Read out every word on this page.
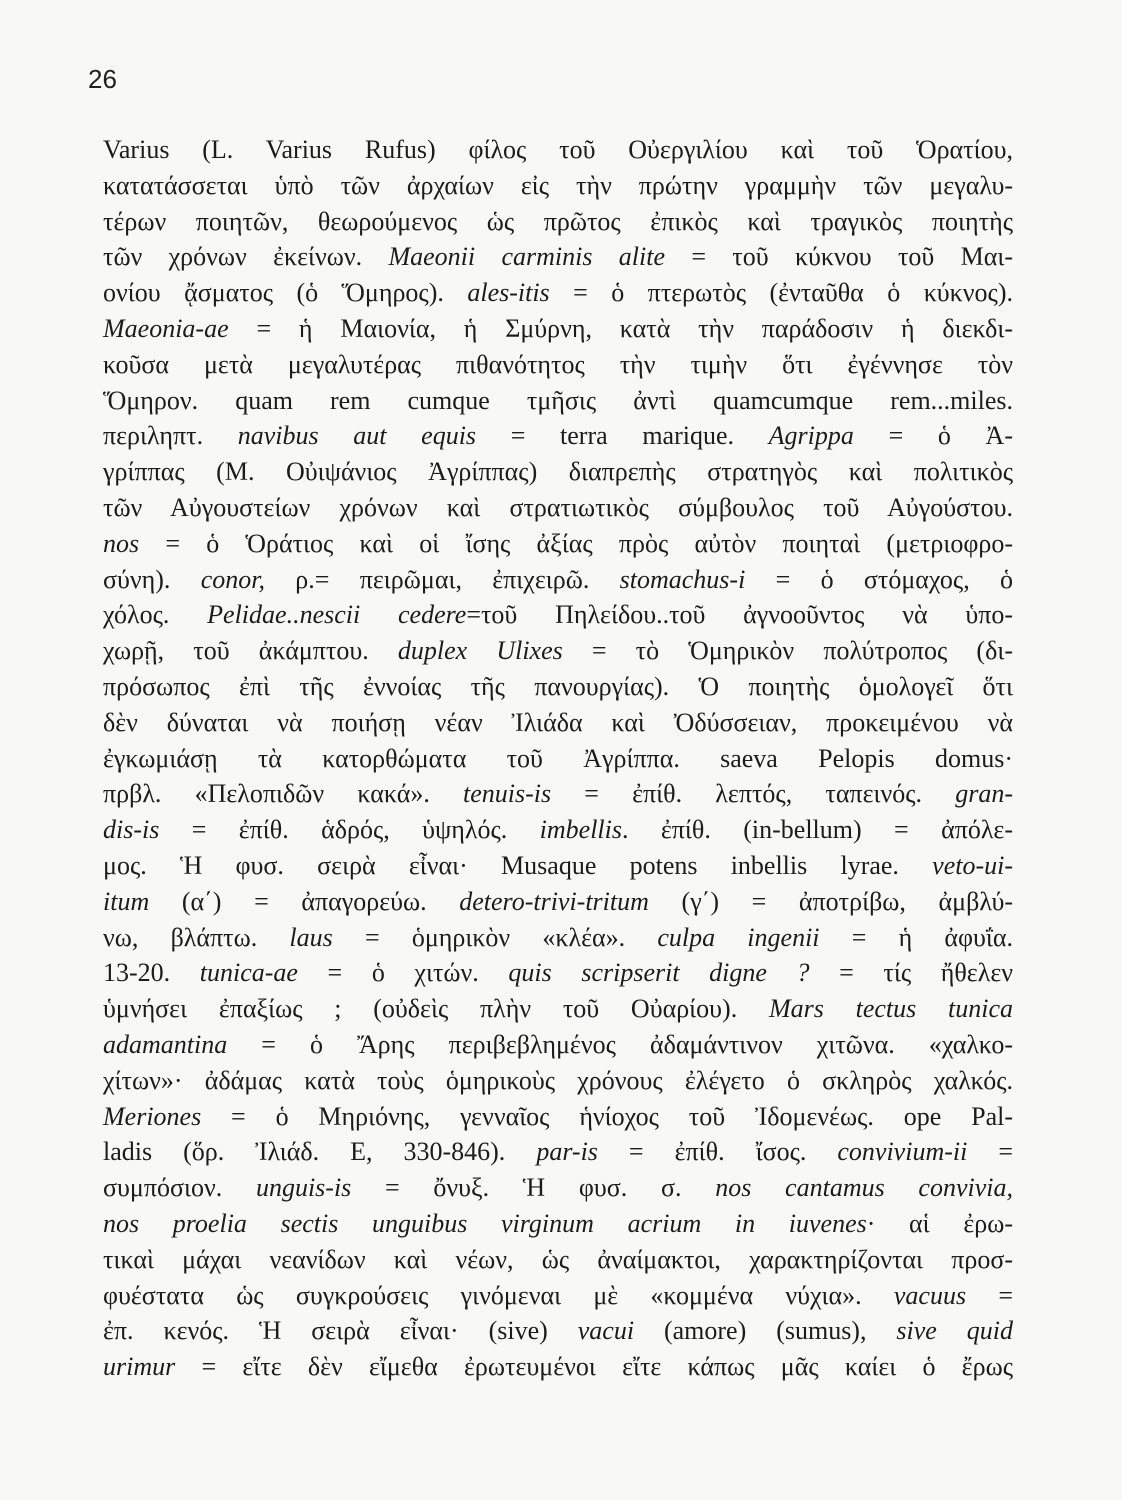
26
Varius (L. Varius Rufus) φίλος τοῦ Οὐεργιλίου καὶ τοῦ Ὁρατίου,
κατατάσσεται ὑπὸ τῶν ἀρχαίων εἰς τὴν πρώτην γραμμὴν τῶν μεγαλυ-
τέρων ποιητῶν, θεωρούμενος ὡς πρῶτος ἐπικὸς καὶ τραγικὸς ποιητὴς
τῶν χρόνων ἐκείνων. Maeonii carminis alite = τοῦ κύκνου τοῦ Μαι-
ονίου ᾄσματος (ὁ Ὅμηρος). ales-itis = ὁ πτερωτὸς (ἐνταῦθα ὁ κύκνος).
Maeonia-ae = ἡ Μαιονία, ἡ Σμύρνη, κατὰ τὴν παράδοσιν ἡ διεκδι-
κοῦσα μετὰ μεγαλυτέρας πιθανότητος τὴν τιμὴν ὅτι ἐγέννησε τὸν
Ὅμηρον. quam rem cumque τμῆσις ἀντὶ quamcumque rem...miles.
περιληπτ. navibus aut equis = terra marique. Agrippa = ὁ Ἀ-
γρίππας (Μ. Οὐιψάνιος Ἀγρίππας) διαπρεπὴς στρατηγὸς καὶ πολιτικὸς
τῶν Αὐγουστείων χρόνων καὶ στρατιωτικὸς σύμβουλος τοῦ Αὐγούστου.
nos = ὁ Ὁράτιος καὶ οἱ ἴσης ἀξίας πρὸς αὐτὸν ποιηταὶ (μετριοφρο-
σύνη). conor, ρ.= πειρῶμαι, ἐπιχειρῶ. stomachus-i = ὁ στόμαχος, ὁ
χόλος. Pelidae..nescii cedere=τοῦ Πηλείδου..τοῦ ἀγνοοῦντος νὰ ὑπο-
χωρῇ, τοῦ ἀκάμπτου. duplex Ulixes = τὸ Ὁμηρικὸν πολύτροπος (δι-
πρόσωπος ἐπὶ τῆς ἐννοίας τῆς πανουργίας). Ὁ ποιητὴς ὁμολογεῖ ὅτι
δὲν δύναται νὰ ποιήσῃ νέαν Ἰλιάδα καὶ Ὀδύσσειαν, προκειμένου νὰ
ἐγκωμιάσῃ τὰ κατορθώματα τοῦ Ἀγρίππα. saeva Pelopis domus·
πρβλ. «Πελοπιδῶν κακά». tenuis-is = ἐπίθ. λεπτός, ταπεινός. gran-
dis-is = ἐπίθ. ἁδρός, ὑψηλός. imbellis. ἐπίθ. (in-bellum) = ἀπόλε-
μος. Ἡ φυσ. σειρὰ εἶναι· Musaque potens inbellis lyrae. veto-ui-
itum (α΄) = ἀπαγορεύω. detero-trivi-tritum (γ΄) = ἀποτρίβω, ἀμβλύ-
νω, βλάπτω. laus = ὁμηρικὸν «κλέα». culpa ingenii = ἡ ἀφυΐα.
13-20. tunica-ae = ὁ χιτών. quis scripserit digne ? = τίς ἤθελεν
ὑμνήσει ἐπαξίως ; (οὐδεὶς πλὴν τοῦ Οὐαρίου). Mars tectus tunica
adamantina = ὁ Ἄρης περιβεβλημένος ἀδαμάντινον χιτῶνα. «χαλκο-
χίτων»· ἀδάμας κατὰ τοὺς ὁμηρικοὺς χρόνους ἐλέγετο ὁ σκληρὸς χαλκός.
Meriones = ὁ Μηριόνης, γενναῖος ἡνίοχος τοῦ Ἰδομενέως. ope Pal-
ladis (ὅρ. Ἰλιάδ. Ε, 330-846). par-is = ἐπίθ. ἴσος. convivium-ii =
συμπόσιον. unguis-is = ὄνυξ. Ἡ φυσ. σ. nos cantamus convivia,
nos proelia sectis unguibus virginum acrium in iuvenes· αἱ ἐρω-
τικαὶ μάχαι νεανίδων καὶ νέων, ὡς ἀναίμακτοι, χαρακτηρίζονται προσ-
φυέστατα ὡς συγκρούσεις γινόμεναι μὲ «κομμένα νύχια». vacuus =
ἐπ. κενός. Ἡ σειρὰ εἶναι· (sive) vacui (amore) (sumus), sive quid
urimur = εἴτε δὲν εἴμεθα ἐρωτευμένοι εἴτε κάπως μᾶς καίει ὁ ἔρως
